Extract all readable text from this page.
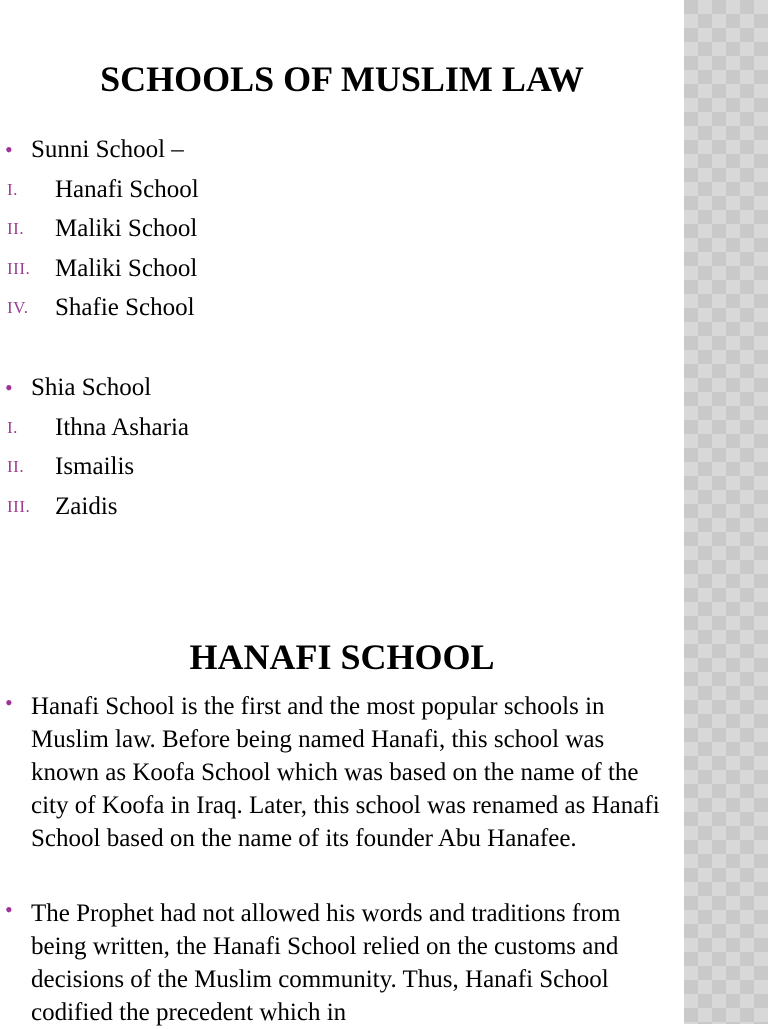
SCHOOLS OF MUSLIM LAW
• Sunni School –
I. Hanafi School
II. Maliki School
III. Maliki School
IV. Shafie School
• Shia School
I. Ithna Asharia
II. Ismailis
III. Zaidis
HANAFI SCHOOL
• Hanafi School is the first and the most popular schools in Muslim law. Before being named Hanafi, this school was known as Koofa School which was based on the name of the city of Koofa in Iraq. Later, this school was renamed as Hanafi School based on the name of its founder Abu Hanafee.

• The Prophet had not allowed his words and traditions from being written, the Hanafi School relied on the customs and decisions of the Muslim community. Thus, Hanafi School codified the precedent which in
